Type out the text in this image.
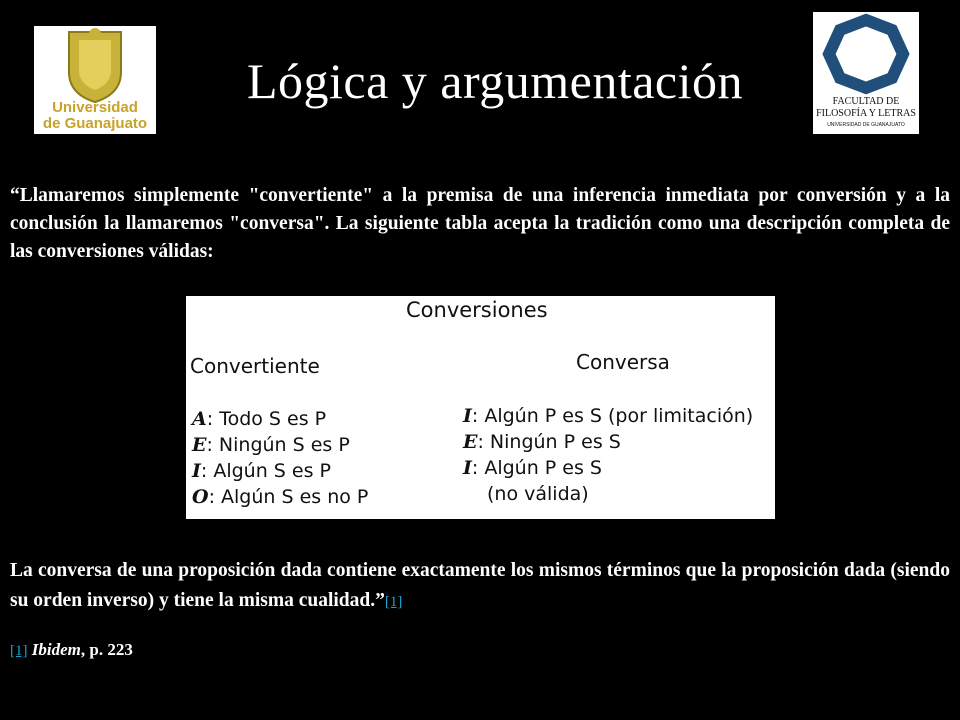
Universidad
de Guanajuato
FACULTAD DE
FILOSOFÍA Y LETRAS
UNIVERSIDAD DE GUANAJUATO
Lógica y argumentación
“Llamaremos simplemente "convertiente" a la premisa de una inferencia inmediata por conversión y a la conclusión la llamaremos "conversa". La siguiente tabla acepta la tradición como una descripción completa de las conversiones válidas:
Conversiones
Convertiente	Conversa
A: Todo S es P
E: Ningún S es P
I: Algún S es P
O: Algún S es no P
I: Algún P es S (por limitación)
E: Ningún P es S
I: Algún P es S
(no válida)
La conversa de una proposición dada contiene exactamente los mismos términos que la proposición dada (siendo su orden inverso) y tiene la misma cualidad.”[1]
[1] Ibidem, p. 223
